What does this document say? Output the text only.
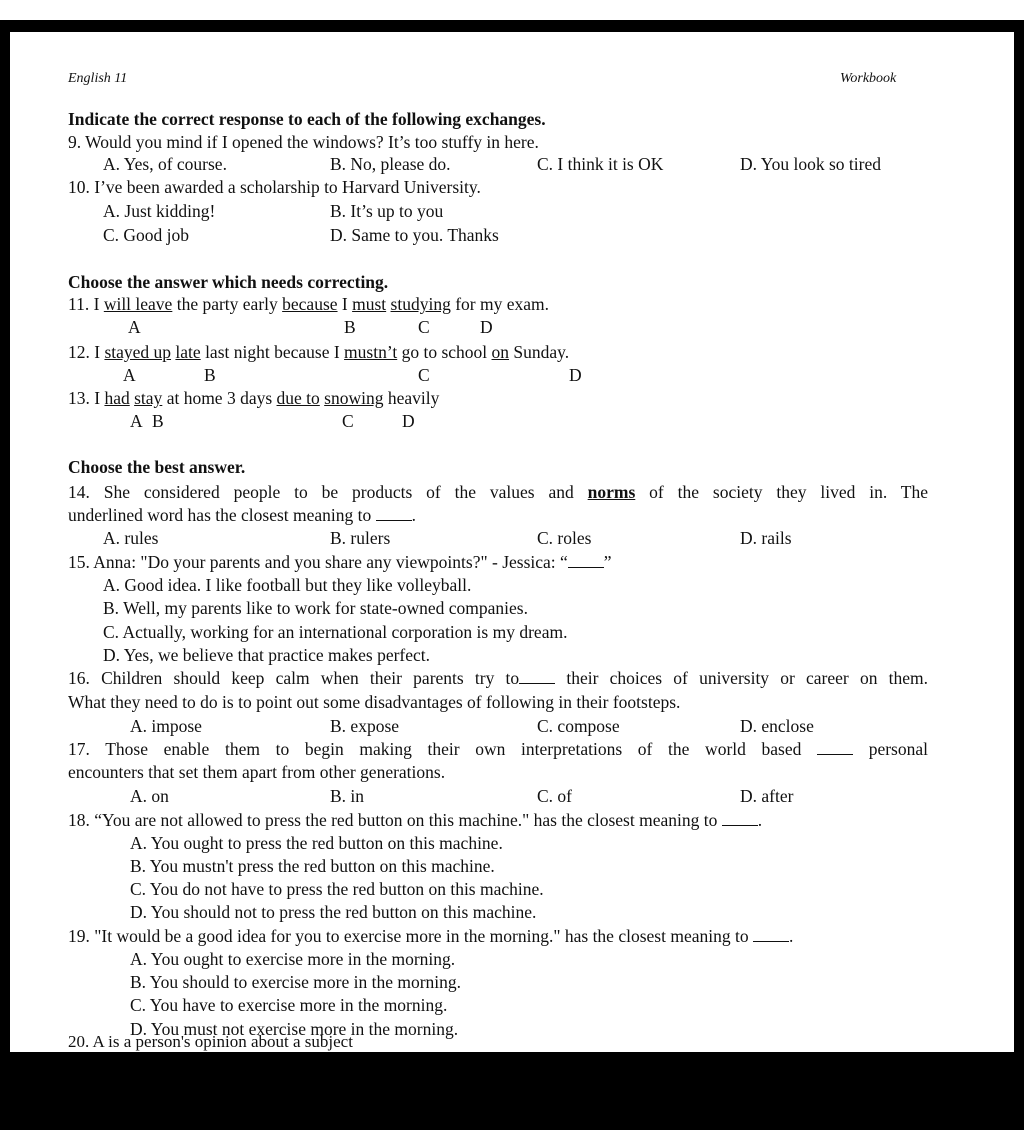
English 11	Workbook
Indicate the correct response to each of the following exchanges.
9. Would you mind if I opened the windows? It’s too stuffy in here.
A. Yes, of course.	B. No, please do.	C. I think it is OK	D. You look so tired
10. I’ve been awarded a scholarship to Harvard University.
A. Just kidding!	B. It’s up to you
C. Good job	D. Same to you. Thanks
Choose the answer which needs correcting.
11. I will leave the party early because I must studying for my exam.
A	B	C	D
12. I stayed up late last night because I mustn’t go to school on Sunday.
A	B	C	D
13. I had stay at home 3 days due to snowing heavily
A B	C	D
Choose the best answer.
14. She considered people to be products of the values and norms of the society they lived in. The
underlined word has the closest meaning to .
A. rules	B. rulers	C. roles	D. rails
15. Anna: "Do your parents and you share any viewpoints?" - Jessica: “ ”
A. Good idea. I like football but they like volleyball.
B. Well, my parents like to work for state-owned companies.
C. Actually, working for an international corporation is my dream.
D. Yes, we believe that practice makes perfect.
16. Children should keep calm when their parents try to	their choices of university or career on them.
What they need to do is to point out some disadvantages of following in their footsteps.
A. impose	B. expose	C. compose	D. enclose
17. Those enable them to begin making their own interpretations of the world based	personal
encounters that set them apart from other generations.
A. on	B. in	C. of	D. after
18. “You are not allowed to press the red button on this machine." has the closest meaning to .
A. You ought to press the red button on this machine.
B. You mustn't press the red button on this machine.
C. You do not have to press the red button on this machine.
D. You should not to press the red button on this machine.
19. "It would be a good idea for you to exercise more in the morning." has the closest meaning to .
A. You ought to exercise more in the morning.
B. You should to exercise more in the morning.
C. You have to exercise more in the morning.
D. You must not exercise more in the morning.
20. A is a person's opinion about a subject
